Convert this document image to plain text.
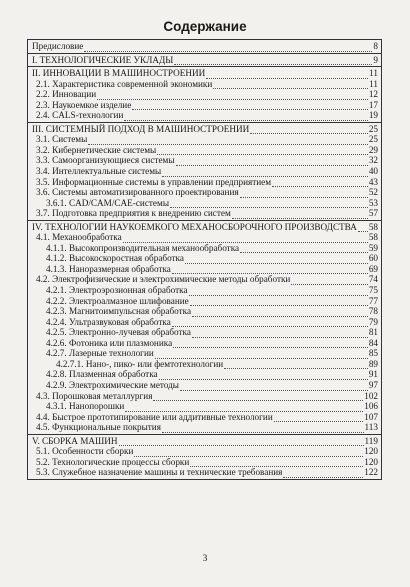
Содержание
Предисловие	8
I. ТЕХНОЛОГИЧЕСКИЕ УКЛАДЫ	9
II. ИННОВАЦИИ В МАШИНОСТРОЕНИИ	11
2.1. Характеристика современной экономики	11
2.2. Инновации	12
2.3. Наукоемкое изделие	17
2.4. CALS-технологии	19
III. СИСТЕМНЫЙ ПОДХОД В МАШИНОСТРОЕНИИ	25
3.1. Системы	25
3.2. Кибернетические системы	29
3.3. Самоорганизующиеся системы	32
3.4. Интеллектуальные системы	40
3.5. Информационные системы в управлении предприятием	43
3.6. Системы автоматизированного проектирования	52
3.6.1. CAD/CAM/CAE-системы	53
3.7. Подготовка предприятия к внедрению систем	57
IV. ТЕХНОЛОГИИ НАУКОЕМКОГО МЕХАНОСБОРОЧНОГО ПРОИЗВОДСТВА 58
4.1. Механообработка	58
4.1.1. Высокопроизводительная механообработка	59
4.1.2. Высокоскоростная обработка	60
4.1.3. Наноразмерная обработка	69
4.2. Электрофизические и электрохимические методы обработки	74
4.2.1. Электроэрозионная обработка	75
4.2.2. Электроалмазное шлифование	77
4.2.3. Магнитоимпульсная обработка	78
4.2.4. Ультразвуковая обработка	79
4.2.5. Электронно-лучевая обработка	81
4.2.6. Фотоника или плазмоника	84
4.2.7. Лазерные технологии	85
4.2.7.1. Нано-, пико- или фемтотехнологии	89
4.2.8. Плазменная обработка	91
4.2.9. Электрохимические методы	97
4.3. Порошковая металлургия	102
4.3.1. Нанопорошки	106
4.4. Быстрое прототипирование или аддитивные технологии	107
4.5. Функциональные покрытия	113
V. СБОРКА МАШИН	119
5.1. Особенности сборки	120
5.2. Технологические процессы сборки	120
5.3. Служебное назначение машины и технические требования	122
3
